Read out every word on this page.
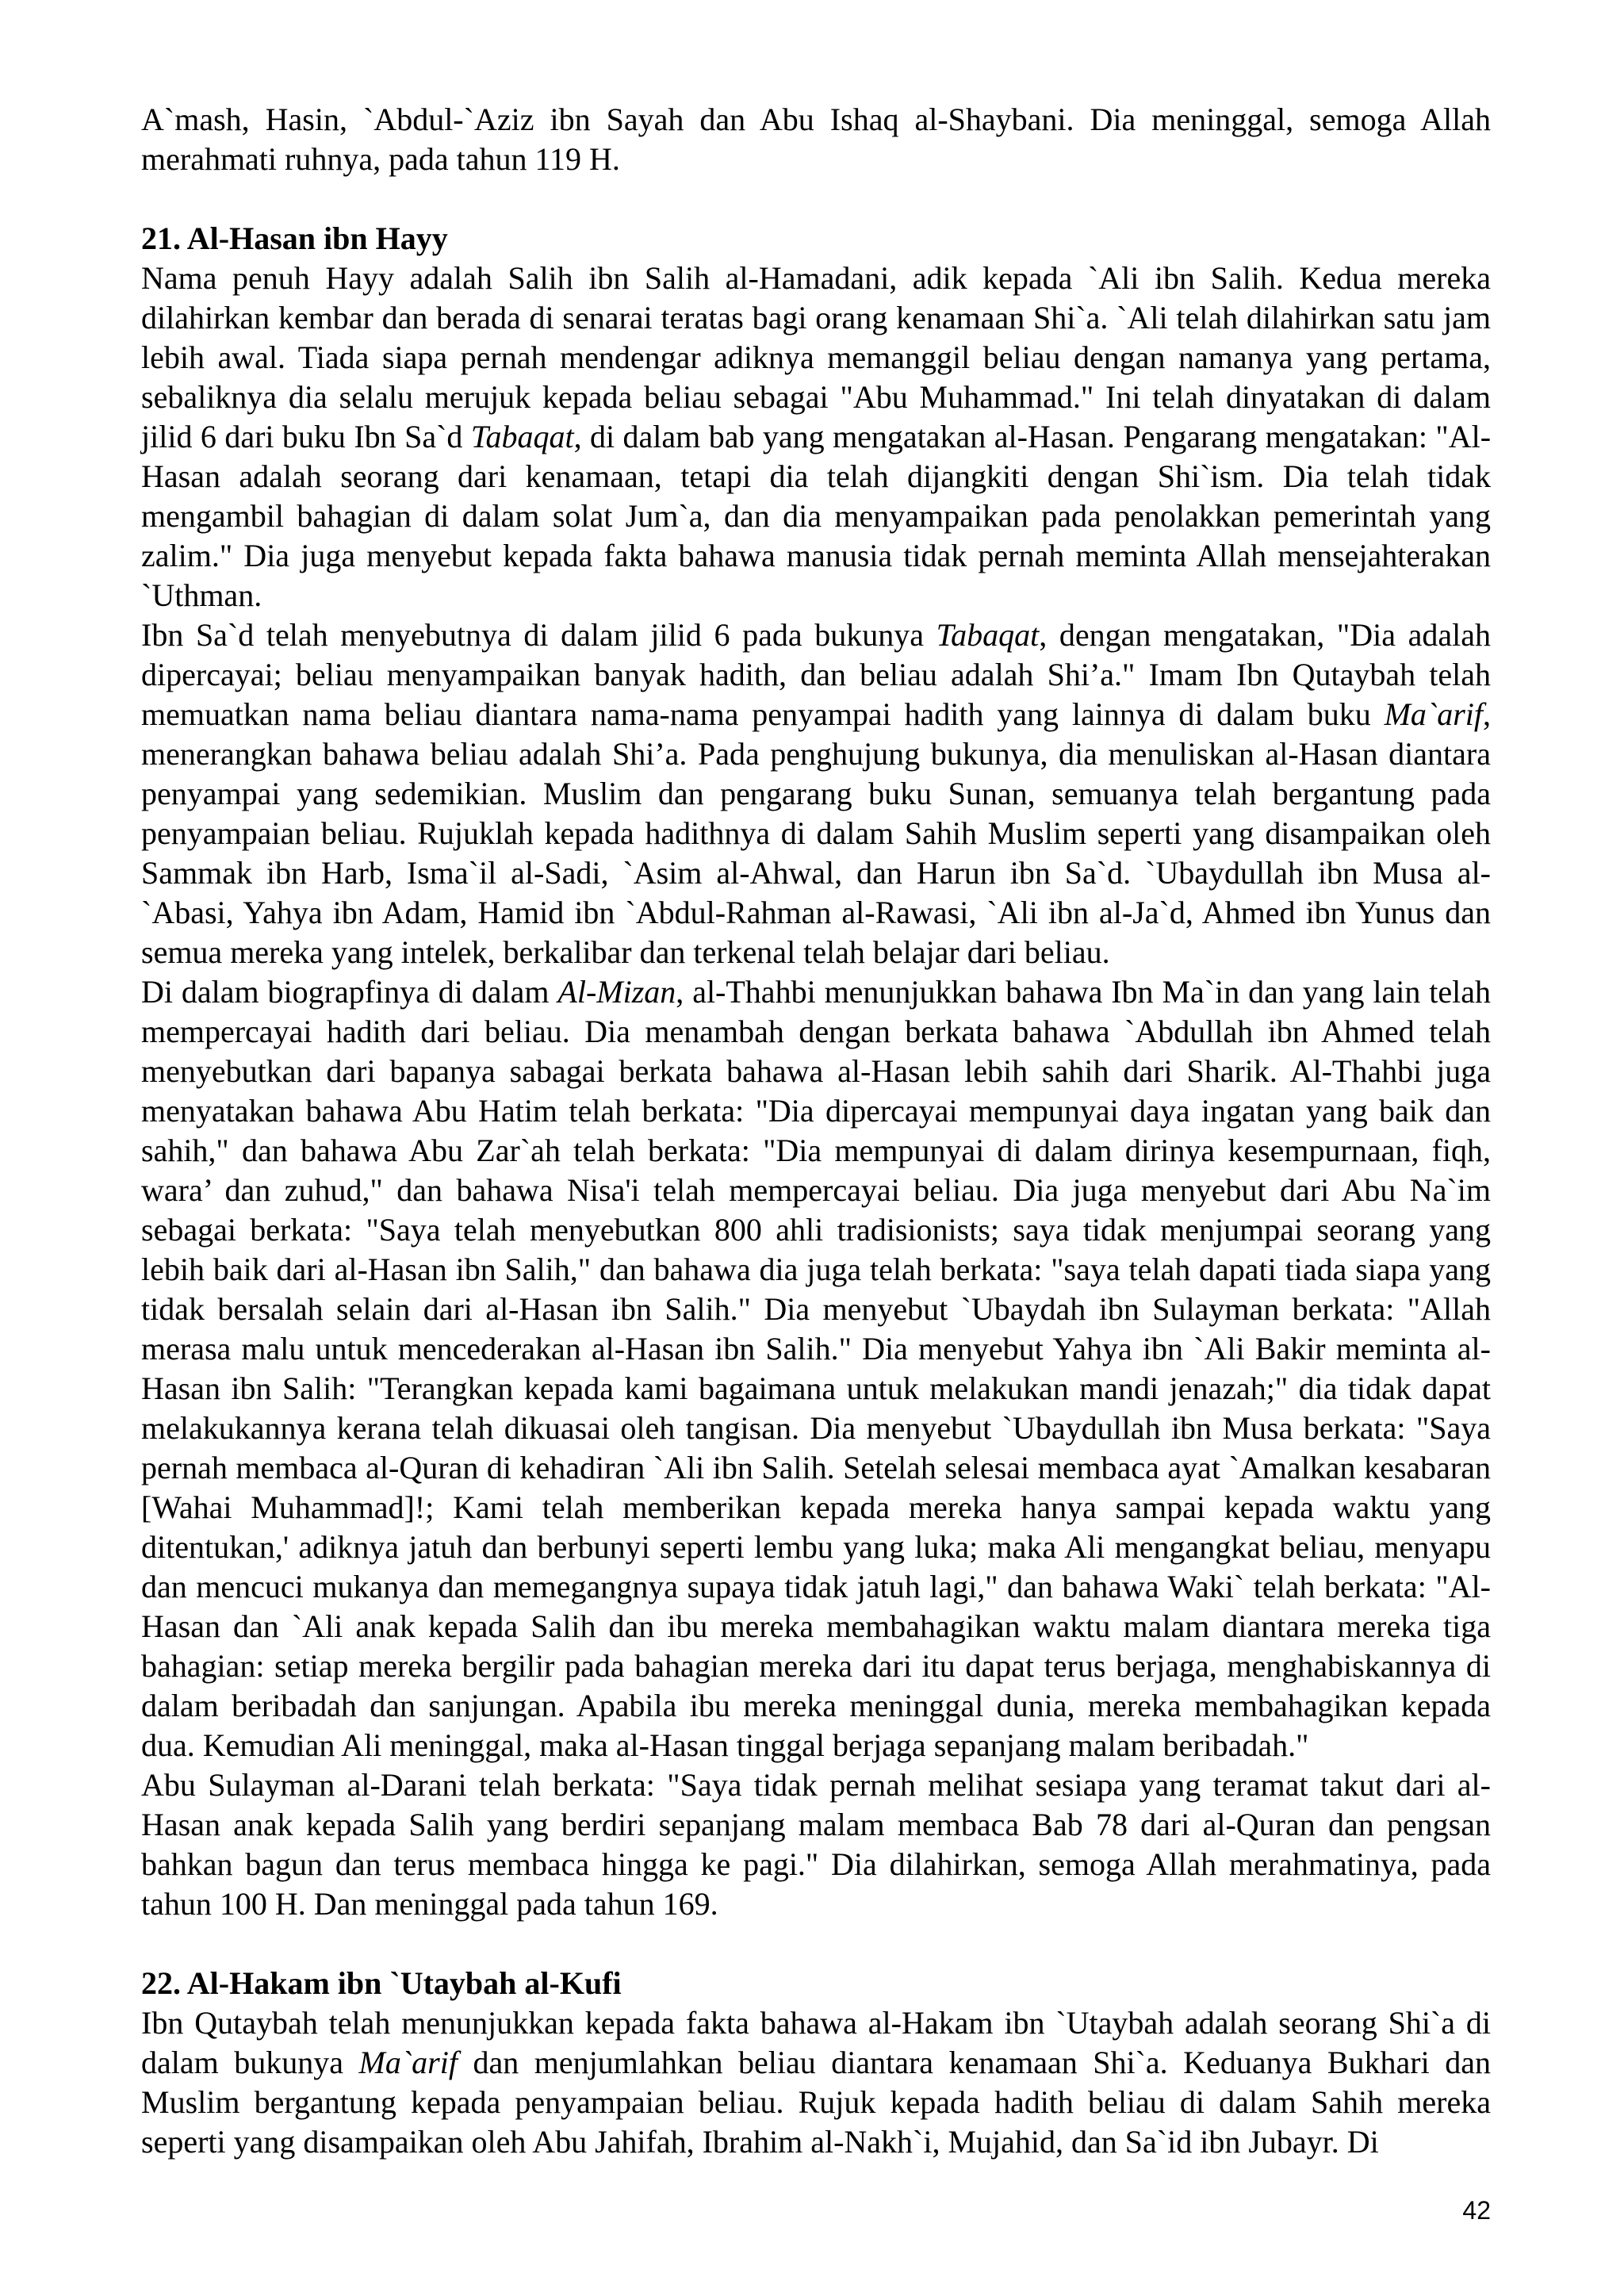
A`mash, Hasin, `Abdul-`Aziz ibn Sayah dan Abu Ishaq al-Shaybani. Dia meninggal, semoga Allah merahmati ruhnya, pada tahun 119 H.

21. Al-Hasan ibn Hayy

Nama penuh Hayy adalah Salih ibn Salih al-Hamadani, adik kepada `Ali ibn Salih. Kedua mereka dilahirkan kembar dan berada di senarai teratas bagi orang kenamaan Shi`a. `Ali telah dilahirkan satu jam lebih awal. Tiada siapa pernah mendengar adiknya memanggil beliau dengan namanya yang pertama, sebaliknya dia selalu merujuk kepada beliau sebagai "Abu Muhammad." Ini telah dinyatakan di dalam jilid 6 dari buku Ibn Sa`d Tabaqat, di dalam bab yang mengatakan al-Hasan. Pengarang mengatakan: "Al-Hasan adalah seorang dari kenamaan, tetapi dia telah dijangkiti dengan Shi`ism. Dia telah tidak mengambil bahagian di dalam solat Jum`a, dan dia menyampaikan pada penolakkan pemerintah yang zalim." Dia juga menyebut kepada fakta bahawa manusia tidak pernah meminta Allah mensejahterakan `Uthman.

Ibn Sa`d telah menyebutnya di dalam jilid 6 pada bukunya Tabaqat, dengan mengatakan, "Dia adalah dipercayai; beliau menyampaikan banyak hadith, dan beliau adalah Shi’a." Imam Ibn Qutaybah telah memuatkan nama beliau diantara nama-nama penyampai hadith yang lainnya di dalam buku Ma`arif, menerangkan bahawa beliau adalah Shi’a. Pada penghujung bukunya, dia menuliskan al-Hasan diantara penyampai yang sedemikian. Muslim dan pengarang buku Sunan, semuanya telah bergantung pada penyampaian beliau. Rujuklah kepada hadithnya di dalam Sahih Muslim seperti yang disampaikan oleh Sammak ibn Harb, Isma`il al-Sadi, `Asim al-Ahwal, dan Harun ibn Sa`d. `Ubaydullah ibn Musa al-`Abasi, Yahya ibn Adam, Hamid ibn `Abdul-Rahman al-Rawasi, `Ali ibn al-Ja`d, Ahmed ibn Yunus dan semua mereka yang intelek, berkalibar dan terkenal telah belajar dari beliau.

Di dalam biograpfinya di dalam Al-Mizan, al-Thahbi menunjukkan bahawa Ibn Ma`in dan yang lain telah mempercayai hadith dari beliau. Dia menambah dengan berkata bahawa `Abdullah ibn Ahmed telah menyebutkan dari bapanya sabagai berkata bahawa al-Hasan lebih sahih dari Sharik. Al-Thahbi juga menyatakan bahawa Abu Hatim telah berkata: "Dia dipercayai mempunyai daya ingatan yang baik dan sahih," dan bahawa Abu Zar`ah telah berkata: "Dia mempunyai di dalam dirinya kesempurnaan, fiqh, wara’ dan zuhud," dan bahawa Nisa'i telah mempercayai beliau. Dia juga menyebut dari Abu Na`im sebagai berkata: "Saya telah menyebutkan 800 ahli tradisionists; saya tidak menjumpai seorang yang lebih baik dari al-Hasan ibn Salih," dan bahawa dia juga telah berkata: "saya telah dapati tiada siapa yang tidak bersalah selain dari al-Hasan ibn Salih." Dia menyebut `Ubaydah ibn Sulayman berkata: "Allah merasa malu untuk mencederakan al-Hasan ibn Salih." Dia menyebut Yahya ibn `Ali Bakir meminta al-Hasan ibn Salih: "Terangkan kepada kami bagaimana untuk melakukan mandi jenazah;" dia tidak dapat melakukannya kerana telah dikuasai oleh tangisan. Dia menyebut `Ubaydullah ibn Musa berkata: "Saya pernah membaca al-Quran di kehadiran `Ali ibn Salih. Setelah selesai membaca ayat `Amalkan kesabaran [Wahai Muhammad]!; Kami telah memberikan kepada mereka hanya sampai kepada waktu yang ditentukan,' adiknya jatuh dan berbunyi seperti lembu yang luka; maka Ali mengangkat beliau, menyapu dan mencuci mukanya dan memegangnya supaya tidak jatuh lagi," dan bahawa Waki` telah berkata: "Al-Hasan dan `Ali anak kepada Salih dan ibu mereka membahagikan waktu malam diantara mereka tiga bahagian: setiap mereka bergilir pada bahagian mereka dari itu dapat terus berjaga, menghabiskannya di dalam beribadah dan sanjungan. Apabila ibu mereka meninggal dunia, mereka membahagikan kepada dua. Kemudian Ali meninggal, maka al-Hasan tinggal berjaga sepanjang malam beribadah."

Abu Sulayman al-Darani telah berkata: "Saya tidak pernah melihat sesiapa yang teramat takut dari al-Hasan anak kepada Salih yang berdiri sepanjang malam membaca Bab 78 dari al-Quran dan pengsan bahkan bagun dan terus membaca hingga ke pagi." Dia dilahirkan, semoga Allah merahmatinya, pada tahun 100 H. Dan meninggal pada tahun 169.

22. Al-Hakam ibn `Utaybah al-Kufi

Ibn Qutaybah telah menunjukkan kepada fakta bahawa al-Hakam ibn `Utaybah adalah seorang Shi`a di dalam bukunya Ma`arif dan menjumlahkan beliau diantara kenamaan Shi`a. Keduanya Bukhari dan Muslim bergantung kepada penyampaian beliau. Rujuk kepada hadith beliau di dalam Sahih mereka seperti yang disampaikan oleh Abu Jahifah, Ibrahim al-Nakh`i, Mujahid, dan Sa`id ibn Jubayr. Di

42
